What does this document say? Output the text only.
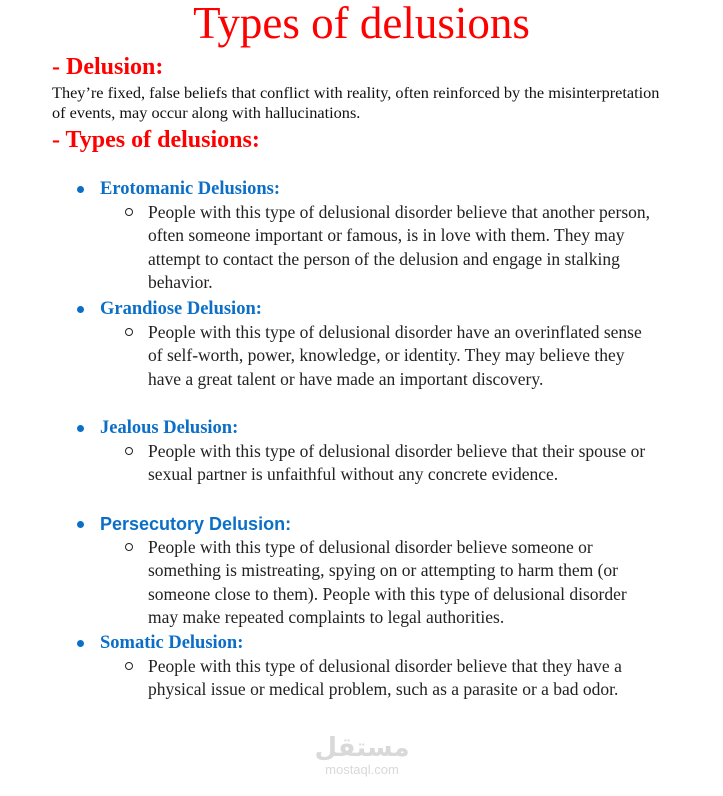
Types of delusions
- Delusion:

They’re fixed, false beliefs that conflict with reality, often reinforced by the misinterpretation of events, may occur along with hallucinations.

- Types of delusions:
Erotomanic Delusions:

People with this type of delusional disorder believe that another person, often someone important or famous, is in love with them. They may attempt to contact the person of the delusion and engage in stalking behavior.

Grandiose Delusion:

People with this type of delusional disorder have an overinflated sense of self-worth, power, knowledge, or identity. They may believe they have a great talent or have made an important discovery.

Jealous Delusion:

People with this type of delusional disorder believe that their spouse or sexual partner is unfaithful without any concrete evidence.

Persecutory Delusion:

People with this type of delusional disorder believe someone or something is mistreating, spying on or attempting to harm them (or someone close to them). People with this type of delusional disorder may make repeated complaints to legal authorities.

Somatic Delusion:

People with this type of delusional disorder believe that they have a physical issue or medical problem, such as a parasite or a bad odor.

مستقل
mostaql.com
